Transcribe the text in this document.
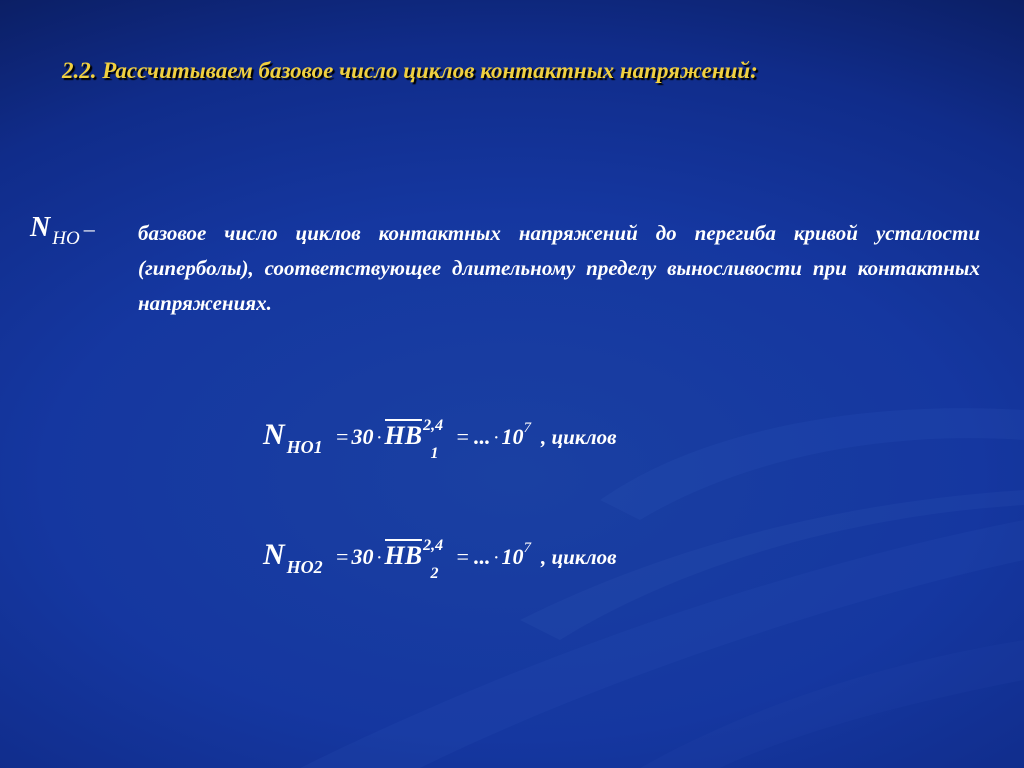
2.2. Рассчитываем базовое число циклов контактных напряжений:
N HO – базовое число циклов контактных напряжений до перегиба кривой усталости (гиперболы), соответствующее длительному пределу выносливости при контактных напряжениях.

NHO1 =30 · HB2,4
1
= ... · 107 , циклов
NHO2 =30 · HB2,4
2
= ... · 107 , циклов
